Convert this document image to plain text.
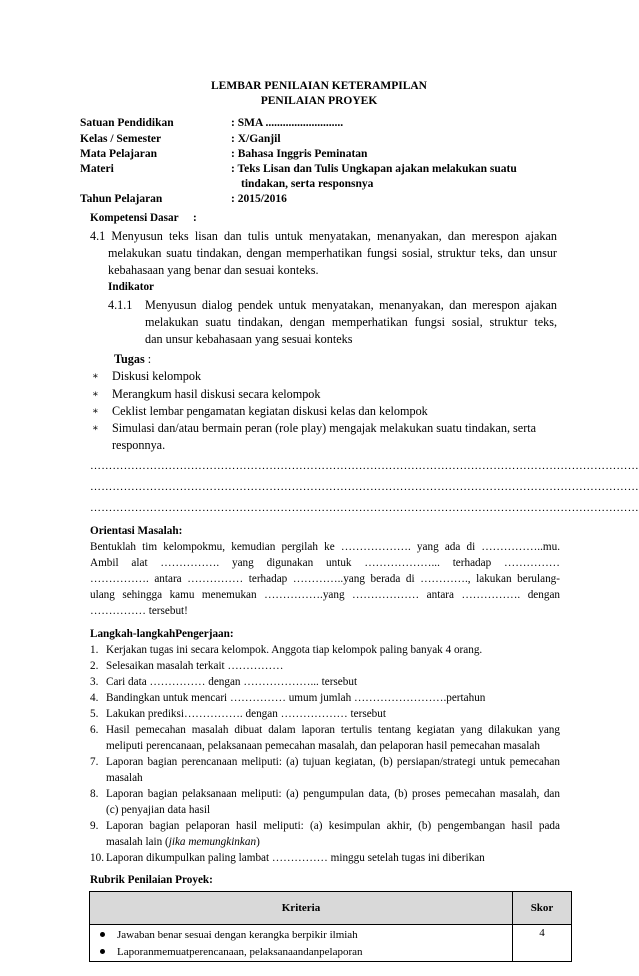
LEMBAR PENILAIAN KETERAMPILAN
PENILAIAN PROYEK
Satuan Pendidikan	: SMA ...........................
Kelas / Semester	: X/Ganjil
Mata Pelajaran	: Bahasa Inggris Peminatan
Materi	: Teks Lisan dan Tulis Ungkapan ajakan melakukan suatu
tindakan, serta responsnya
Tahun Pelajaran	: 2015/2016
Kompetensi Dasar :
4.1 Menyusun teks lisan dan tulis untuk menyatakan, menanyakan, dan merespon ajakan
melakukan suatu tindakan, dengan memperhatikan fungsi sosial, struktur teks, dan unsur
kebahasaan yang benar dan sesuai konteks.
Indikator
4.1.1 Menyusun dialog pendek untuk menyatakan, menanyakan, dan merespon ajakan
melakukan suatu tindakan, dengan memperhatikan fungsi sosial, struktur teks,
dan unsur kebahasaan yang sesuai konteks
Tugas :
∗ Diskusi kelompok
∗ Merangkum hasil diskusi secara kelompok
∗ Ceklist lembar pengamatan kegiatan diskusi kelas dan kelompok
∗ Simulasi dan/atau bermain peran (role play) mengajak melakukan suatu tindakan, serta
responnya.
…………………………………………………………………………………………………………………………………
…………………………………………………………………………………………………………………………………
…………………………………………………………………………………………………………………………………
Orientasi Masalah:
Bentuklah tim kelompokmu, kemudian pergilah ke ………………. yang ada di ……………..mu.
Ambil alat ……………. yang digunakan untuk ………………... terhadap ……………
……………. antara …………… terhadap …………..yang berada di …………., lakukan berulang-
ulang sehingga kamu menemukan …………….yang ……………… antara ……………. dengan
…………… tersebut!
Langkah-langkahPengerjaan:
1. Kerjakan tugas ini secara kelompok. Anggota tiap kelompok paling banyak 4 orang.
2. Selesaikan masalah terkait ……………
3. Cari data …………… dengan ………………... tersebut
4. Bandingkan untuk mencari …………… umum jumlah …………………….pertahun
5. Lakukan prediksi……………. dengan ……………… tersebut
6. Hasil pemecahan masalah dibuat dalam laporan tertulis tentang kegiatan yang dilakukan yang
meliputi perencanaan, pelaksanaan pemecahan masalah, dan pelaporan hasil pemecahan masalah
7. Laporan bagian perencanaan meliputi: (a) tujuan kegiatan, (b) persiapan/strategi untuk pemecahan
masalah
8. Laporan bagian pelaksanaan meliputi: (a) pengumpulan data, (b) proses pemecahan masalah, dan
(c) penyajian data hasil
9. Laporan bagian pelaporan hasil meliputi: (a) kesimpulan akhir, (b) pengembangan hasil pada
masalah lain (jika memungkinkan)
10. Laporan dikumpulkan paling lambat …………… minggu setelah tugas ini diberikan
Rubrik Penilaian Proyek:
Kriteria	Skor

Jawaban benar sesuai dengan kerangka berpikir ilmiah
Laporanmemuatperencanaan, pelaksanaandanpelaporan	4
